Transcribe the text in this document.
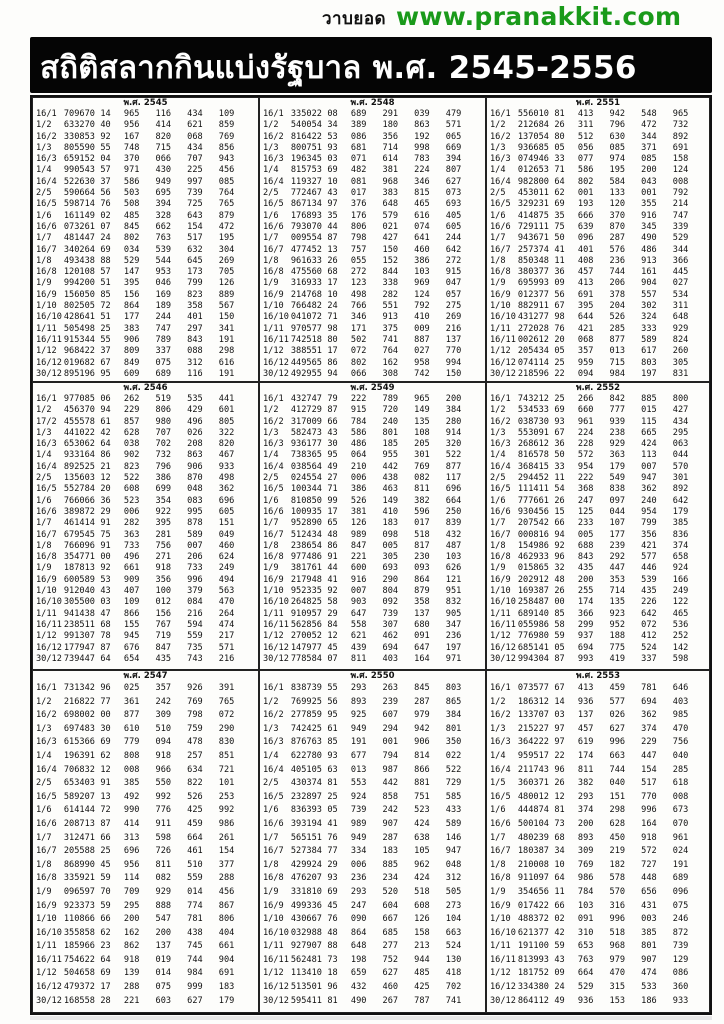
วาบยอด www.pranakkit.com
สถิติสลากกินแบ่งรัฐบาล พ.ศ. 2545-2556
พ.ศ. 2545
16/1	709670	14	965	116	434	109
1/2	633270	40	956	414	621	859
16/2	330853	92	167	820	068	769
1/3	805590	55	748	715	434	856
16/3	659152	04	370	066	707	943
1/4	990543	57	971	430	225	456
16/4	522630	37	586	949	997	085
2/5	590664	56	503	695	739	764
16/5	598714	76	508	394	725	765
1/6	161149	02	485	328	643	879
16/6	073261	07	845	662	154	472
1/7	481447	24	802	763	517	195
16/7	340264	69	034	539	632	304
1/8	493438	88	529	544	645	269
16/8	120108	57	147	953	173	705
1/9	994200	51	395	046	799	126
16/9	156050	85	156	169	823	889
1/10	802505	72	864	189	358	567
16/10	428641	51	177	244	401	150
1/11	505498	25	383	747	297	341
16/11	915344	55	906	789	843	191
1/12	968422	37	809	337	088	298
16/12	019682	67	849	075	312	616
30/12	895196	95	609	689	116	191
พ.ศ. 2548
16/1	335022	08	689	291	039	479
1/2	540054	34	389	180	863	571
16/2	816422	53	086	356	192	065
1/3	800751	93	681	714	998	669
16/3	196345	03	071	614	783	394
1/4	815753	69	482	381	224	807
16/4	119327	10	081	968	346	627
2/5	772467	43	017	383	815	073
16/5	867134	97	376	648	465	693
1/6	176893	35	176	579	616	405
16/6	793070	44	806	021	074	605
1/7	009554	87	798	427	641	244
16/7	477452	13	757	150	460	642
1/8	961633	26	055	152	386	272
16/8	475560	68	272	844	103	915
1/9	316933	17	123	338	969	047
16/9	214768	10	498	282	124	057
1/10	766482	24	766	551	792	275
16/10	041072	71	346	913	410	269
1/11	970577	98	171	375	009	216
16/11	742518	80	502	741	887	137
1/12	388551	17	072	764	027	770
16/12	449565	86	802	162	958	994
30/12	492955	94	066	308	742	150
พ.ศ. 2551
16/1	556010	81	413	942	548	965
1/2	212684	26	311	796	472	732
16/2	137054	80	512	630	344	892
1/3	936685	05	056	085	371	691
16/3	074946	33	077	974	085	158
1/4	012653	71	586	195	200	124
16/4	982800	64	802	584	043	008
2/5	453011	62	001	133	001	792
16/5	329231	69	193	120	355	214
1/6	414875	35	666	370	916	747
16/6	729111	75	639	870	345	339
1/7	943671	50	096	287	490	529
16/7	257374	41	401	576	486	344
1/8	850348	11	408	236	913	366
16/8	380377	36	457	744	161	445
1/9	695993	09	413	206	904	027
16/9	012377	56	691	378	557	534
1/10	882911	67	395	204	302	311
16/10	431277	98	644	526	324	648
1/11	272028	76	421	285	333	929
16/11	002612	20	068	877	589	824
1/12	205434	05	357	013	617	260
16/12	074114	25	959	715	803	305
30/12	218596	22	094	984	197	831
พ.ศ. 2546
16/1	977085	06	262	519	535	441
1/2	456370	94	229	806	429	601
17/2	455578	61	857	980	496	805
1/3	441022	42	628	707	026	322
16/3	653062	64	038	702	208	820
1/4	933164	86	902	732	863	467
16/4	892525	21	823	796	906	933
2/5	135603	12	522	386	870	498
16/5	552784	20	608	699	048	362
1/6	766066	36	523	354	083	696
16/6	389872	29	006	922	995	605
1/7	461414	91	282	395	878	151
16/7	679545	75	363	281	589	049
1/8	766096	91	733	756	007	460
16/8	354771	00	496	271	206	624
1/9	187813	92	661	918	733	249
16/9	600589	53	909	356	996	494
1/10	912040	43	407	100	379	563
16/10	305500	03	109	012	084	470
1/11	941438	47	866	156	216	264
16/11	238511	68	155	767	594	474
1/12	991307	78	945	719	559	217
16/12	177947	87	676	847	735	571
30/12	739447	64	654	435	743	216
พ.ศ. 2549
16/1	432747	79	222	789	965	200
1/2	412729	87	915	720	149	384
16/2	317009	66	784	240	135	280
1/3	582473	43	586	801	108	914
16/3	936177	30	486	185	205	320
1/4	738365	95	064	955	301	522
16/4	038564	49	210	442	769	877
2/5	024554	27	006	438	082	117
16/5	100344	71	386	463	811	696
1/6	810850	99	526	149	382	664
16/6	100935	17	381	410	596	250
1/7	952890	65	126	183	017	839
16/7	512434	48	989	098	518	432
1/8	238654	86	847	005	817	487
16/8	977486	91	221	305	230	103
1/9	381761	44	600	693	093	626
16/9	217948	41	916	290	864	121
1/10	952335	92	007	804	879	951
16/10	264825	58	903	092	358	832
1/11	910957	29	647	739	137	905
16/11	562856	84	558	307	680	347
1/12	270052	12	621	462	091	236
16/12	147977	45	439	694	647	197
30/12	778584	07	811	403	164	971
พ.ศ. 2552
16/1	743212	25	266	842	885	800
1/2	534533	69	660	777	015	427
16/2	038730	93	961	939	115	434
1/3	553091	67	224	238	665	295
16/3	268612	36	228	929	424	063
1/4	816578	50	572	363	113	044
16/4	368415	33	954	179	007	570
2/5	294452	11	222	549	947	301
16/5	111411	54	368	838	362	892
1/6	777661	26	247	097	240	642
16/6	930456	15	125	044	954	179
1/7	207542	66	233	107	799	385
16/7	000816	94	005	177	356	836
1/8	154986	92	688	239	421	374
16/8	462933	96	843	292	577	658
1/9	015865	32	435	447	446	924
16/9	202912	48	200	353	539	166
1/10	169387	26	255	714	435	249
16/10	258487	00	174	135	226	122
1/11	689140	85	366	923	642	465
16/11	055986	58	299	952	072	536
1/12	776980	59	937	188	412	252
16/12	685141	05	694	775	524	142
30/12	994304	87	993	419	337	598
พ.ศ. 2547
16/1	731342	96	025	357	926	391
1/2	216822	77	361	242	769	765
16/2	698002	00	877	309	798	072
1/3	697483	30	610	510	759	290
16/3	615366	69	779	094	478	830
1/4	196391	62	808	918	257	851
16/4	706832	12	008	966	634	721
2/5	653403	91	385	550	822	101
16/5	589207	13	492	992	526	253
1/6	614144	72	990	776	425	992
16/6	208713	87	414	911	459	986
1/7	312471	66	313	598	664	261
16/7	205588	25	696	726	461	154
1/8	868990	45	956	811	510	377
16/8	335921	59	114	082	559	288
1/9	096597	70	709	929	014	456
16/9	923373	59	295	888	774	867
1/10	110866	66	200	547	781	806
16/10	355858	62	162	200	438	404
1/11	185966	23	862	137	745	661
16/11	754622	64	918	019	744	904
1/12	504658	69	139	014	984	691
16/12	479372	17	288	075	999	183
30/12	168558	28	221	603	627	179
พ.ศ. 2550
16/1	838739	55	293	263	845	803
1/2	769925	56	893	239	287	865
16/2	277859	95	925	607	979	384
1/3	742425	61	949	294	942	801
16/3	876763	85	191	001	906	350
1/4	622780	93	677	794	814	022
16/4	405105	63	013	987	866	522
2/5	430374	81	553	442	881	729
16/5	232897	25	924	858	751	585
1/6	836393	05	739	242	523	433
16/6	393194	41	989	907	424	589
1/7	565151	76	949	287	638	146
16/7	527384	77	334	183	105	947
1/8	429924	29	006	885	962	048
16/8	476207	93	236	234	424	312
1/9	331810	69	293	520	518	505
16/9	499336	45	247	604	608	273
1/10	430667	76	090	667	126	104
16/10	032988	48	864	685	158	663
1/11	927907	88	648	277	213	524
16/11	562481	73	198	752	944	130
1/12	113410	18	659	627	485	418
16/12	513501	96	432	460	425	702
30/12	595411	81	490	267	787	741
พ.ศ. 2553
16/1	073577	67	413	459	781	646
1/2	186312	14	936	577	694	403
16/2	133707	03	137	026	362	985
1/3	215227	97	457	627	374	470
16/3	364222	97	619	996	229	756
1/4	959517	22	174	663	447	040
16/4	211743	96	811	744	154	285
1/5	360371	26	382	040	517	618
16/5	480012	12	293	151	770	008
1/6	444874	81	374	298	996	673
16/6	500104	73	200	628	164	070
1/7	480239	68	893	450	918	961
16/7	180387	34	309	219	572	024
1/8	210008	10	769	182	727	191
16/8	911097	64	986	578	448	689
1/9	354656	11	784	570	656	096
16/9	017422	66	103	316	431	075
1/10	488372	02	091	996	003	246
16/10	621377	42	310	518	385	872
1/11	191100	59	653	968	801	739
16/11	813993	43	763	979	907	129
1/12	181752	09	664	470	474	086
16/12	334380	24	529	315	533	360
30/12	864112	49	936	153	186	933
